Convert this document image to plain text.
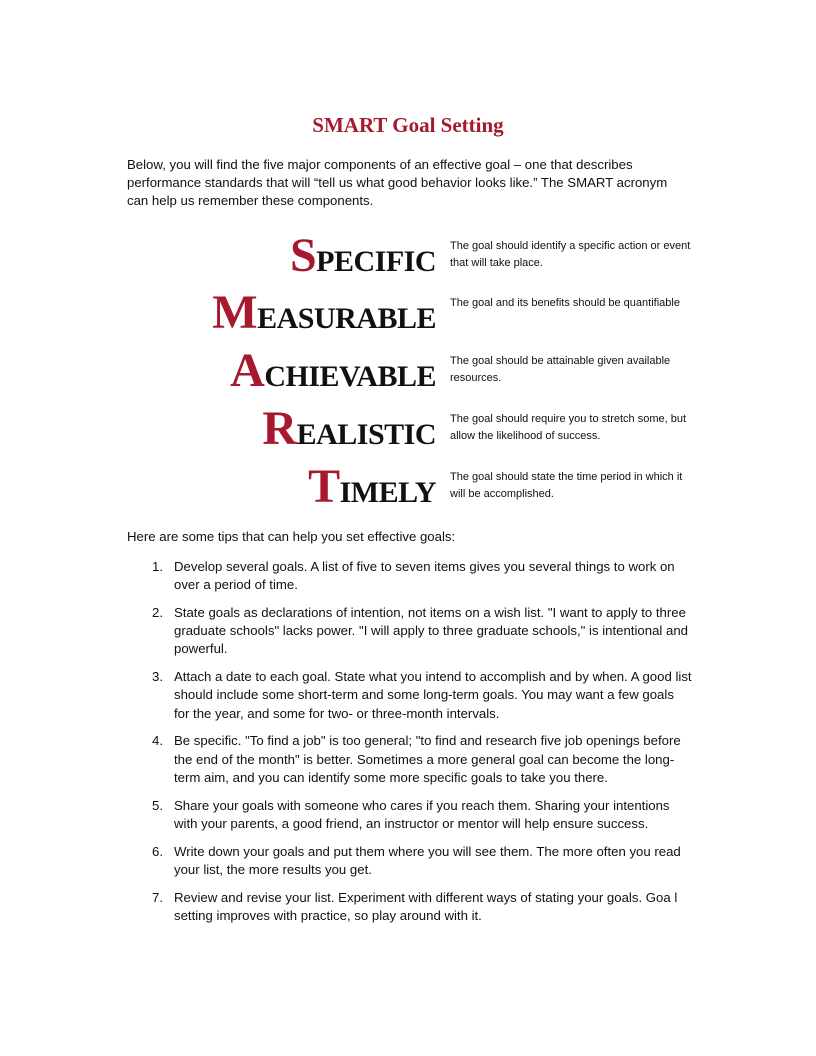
SMART Goal Setting

Below, you will find the five major components of an effective goal – one that describes performance standards that will “tell us what good behavior looks like.” The SMART acronym can help us remember these components.

SPECIFIC The goal should identify a specific action or event that will take place.

MEASURABLE The goal and its benefits should be quantifiable

ACHIEVABLE The goal should be attainable given available resources.

REALISTIC The goal should require you to stretch some, but allow the likelihood of success.

TIMELY The goal should state the time period in which it will be accomplished.

Here are some tips that can help you set effective goals:

1. Develop several goals. A list of five to seven items gives you several things to work on over a period of time.
2. State goals as declarations of intention, not items on a wish list. "I want to apply to three graduate schools" lacks power. "I will apply to three graduate schools," is intentional and powerful.
3. Attach a date to each goal. State what you intend to accomplish and by when. A good list should include some short-term and some long-term goals. You may want a few goals for the year, and some for two- or three-month intervals.
4. Be specific. "To find a job" is too general; "to find and research five job openings before the end of the month" is better. Sometimes a more general goal can become the long-term aim, and you can identify some more specific goals to take you there.
5. Share your goals with someone who cares if you reach them. Sharing your intentions with your parents, a good friend, an instructor or mentor will help ensure success.
6. Write down your goals and put them where you will see them. The more often you read your list, the more results you get.
7. Review and revise your list. Experiment with different ways of stating your goals. Goa l setting improves with practice, so play around with it.
